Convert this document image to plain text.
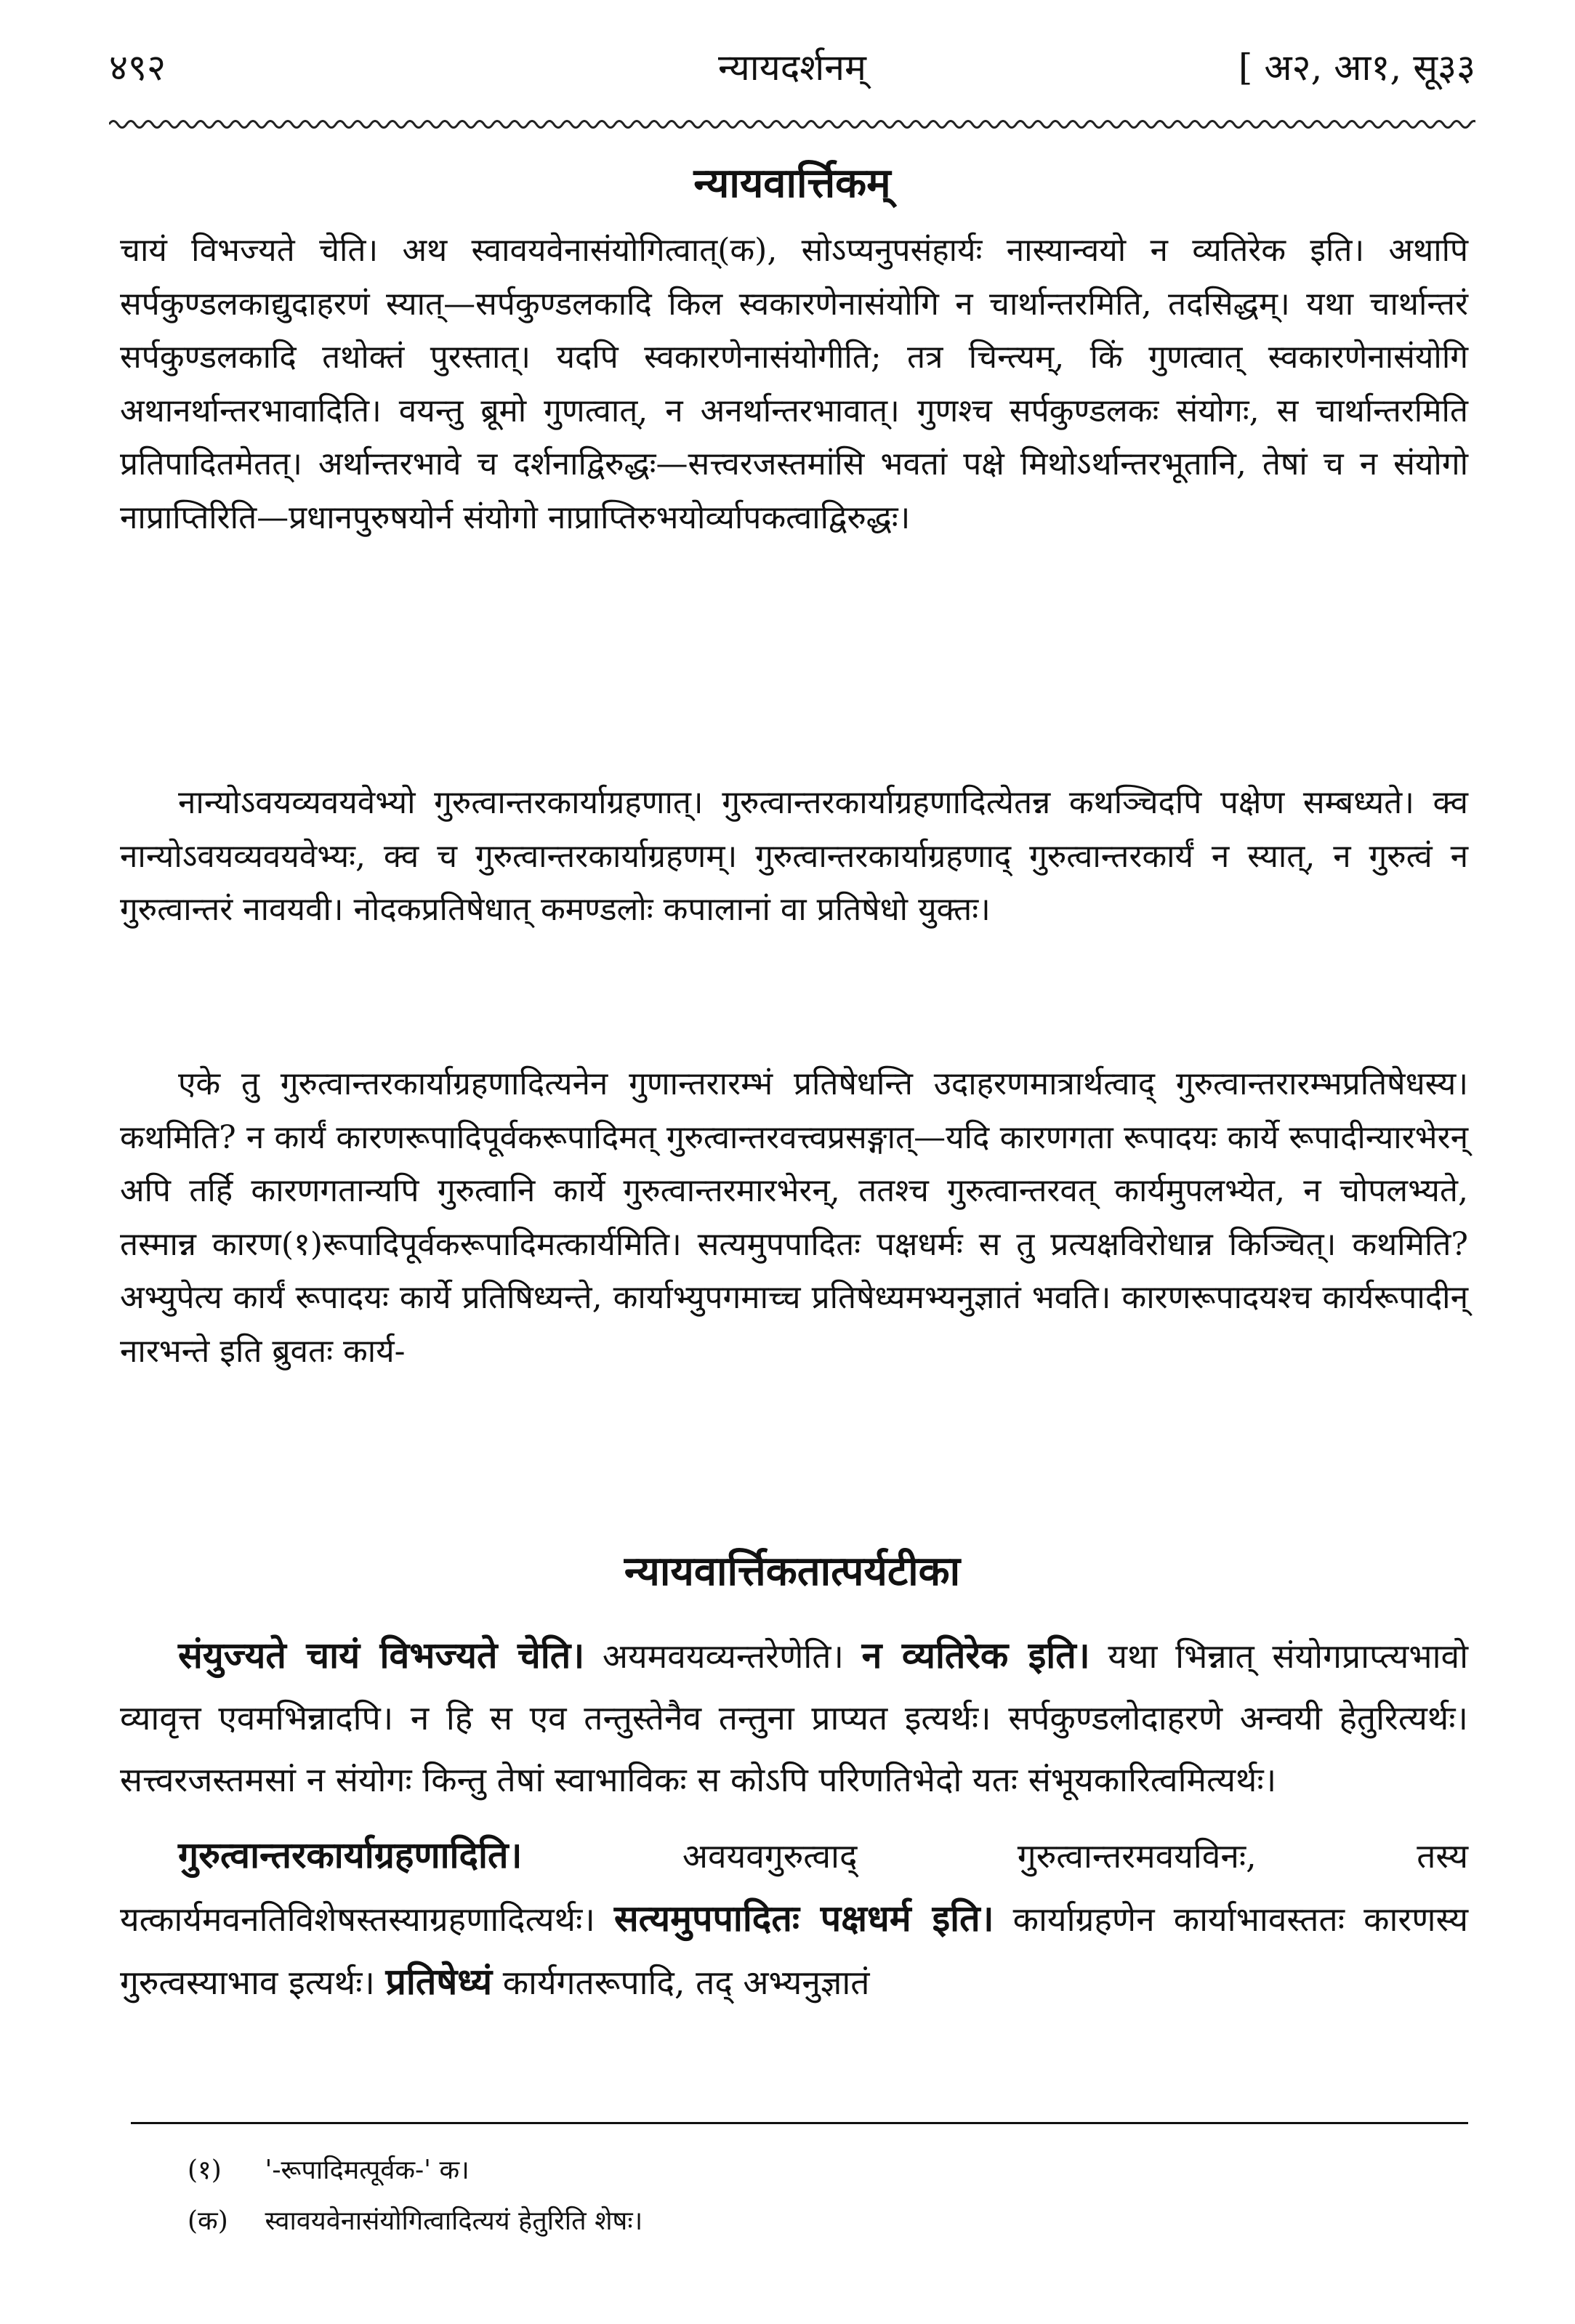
४९२	न्यायदर्शनम्	[ अ२, आ१, सू३३
न्यायवार्त्तिकम्

चायं विभज्यते चेति। अथ स्वावयवेनासंयोगित्वात्(क), सोऽप्यनुपसंहार्यः नास्यान्वयो न व्यतिरेक इति। अथापि सर्पकुण्डलकाद्युदाहरणं स्यात्—सर्पकुण्डलकादि किल स्वकारणेनासंयोगि न चार्थान्तरमिति, तदसिद्धम्। यथा चार्थान्तरं सर्पकुण्डलकादि तथोक्तं पुरस्तात्। यदपि स्वकारणेनासंयोगीति; तत्र चिन्त्यम्, किं गुणत्वात् स्वकारणेनासंयोगि अथानर्थान्तरभावादिति। वयन्तु ब्रूमो गुणत्वात्, न अनर्थान्तरभावात्। गुणश्च सर्पकुण्डलकः संयोगः, स चार्थान्तरमिति प्रतिपादितमेतत्। अर्थान्तरभावे च दर्शनाद्विरुद्धः—सत्त्वरजस्तमांसि भवतां पक्षे मिथोऽर्थान्तरभूतानि, तेषां च न संयोगो नाप्राप्तिरिति—प्रधानपुरुषयोर्न संयोगो नाप्राप्तिरुभयोर्व्यापकत्वाद्विरुद्धः।

नान्योऽवयव्यवयवेभ्यो गुरुत्वान्तरकार्याग्रहणात्। गुरुत्वान्तरकार्याग्रहणादित्येतन्न कथञ्चिदपि पक्षेण सम्बध्यते। क्व नान्योऽवयव्यवयवेभ्यः, क्व च गुरुत्वान्तरकार्याग्रहणम्। गुरुत्वान्तरकार्याग्रहणाद् गुरुत्वान्तरकार्यं न स्यात्, न गुरुत्वं न गुरुत्वान्तरं नावयवी। नोदकप्रतिषेधात् कमण्डलोः कपालानां वा प्रतिषेधो युक्तः।

एके तु गुरुत्वान्तरकार्याग्रहणादित्यनेन गुणान्तरारम्भं प्रतिषेधन्ति उदाहरणमात्रार्थत्वाद् गुरुत्वान्तरारम्भप्रतिषेधस्य। कथमिति? न कार्यं कारणरूपादिपूर्वकरूपादिमत् गुरुत्वान्तरवत्त्वप्रसङ्गात्—यदि कारणगता रूपादयः कार्ये रूपादीन्यारभेरन् अपि तर्हि कारणगतान्यपि गुरुत्वानि कार्ये गुरुत्वान्तरमारभेरन्, ततश्च गुरुत्वान्तरवत् कार्यमुपलभ्येत, न चोपलभ्यते, तस्मान्न कारण(१)रूपादिपूर्वकरूपादिमत्कार्यमिति। सत्यमुपपादितः पक्षधर्मः स तु प्रत्यक्षविरोधान्न किञ्चित्। कथमिति? अभ्युपेत्य कार्यं रूपादयः कार्ये प्रतिषिध्यन्ते, कार्याभ्युपगमाच्च प्रतिषेध्यमभ्यनुज्ञातं भवति। कारणरूपादयश्च कार्यरूपादीन् नारभन्ते इति ब्रुवतः कार्य-

न्यायवार्त्तिकतात्पर्यटीका

संयुज्यते चायं विभज्यते चेति। अयमवयव्यन्तरेणेति। न व्यतिरेक इति। यथा भिन्नात् संयोगप्राप्त्यभावो व्यावृत्त एवमभिन्नादपि। न हि स एव तन्तुस्तेनैव तन्तुना प्राप्यत इत्यर्थः। सर्पकुण्डलोदाहरणे अन्वयी हेतुरित्यर्थः। सत्त्वरजस्तमसां न संयोगः किन्तु तेषां स्वाभाविकः स कोऽपि परिणतिभेदो यतः संभूयकारित्वमित्यर्थः।

गुरुत्वान्तरकार्याग्रहणादिति।	अवयवगुरुत्वाद् गुरुत्वान्तरमवयविनः, तस्य यत्कार्यमवनतिविशेषस्तस्याग्रहणादित्यर्थः। सत्यमुपपादितः पक्षधर्म इति। कार्याग्रहणेन कार्याभावस्ततः कारणस्य गुरुत्वस्याभाव इत्यर्थः। प्रतिषेध्यं कार्यगतरूपादि, तद् अभ्यनुज्ञातं

(१) '-रूपादिमत्पूर्वक-' क।
(क) स्वावयवेनासंयोगित्वादित्ययं हेतुरिति शेषः।
